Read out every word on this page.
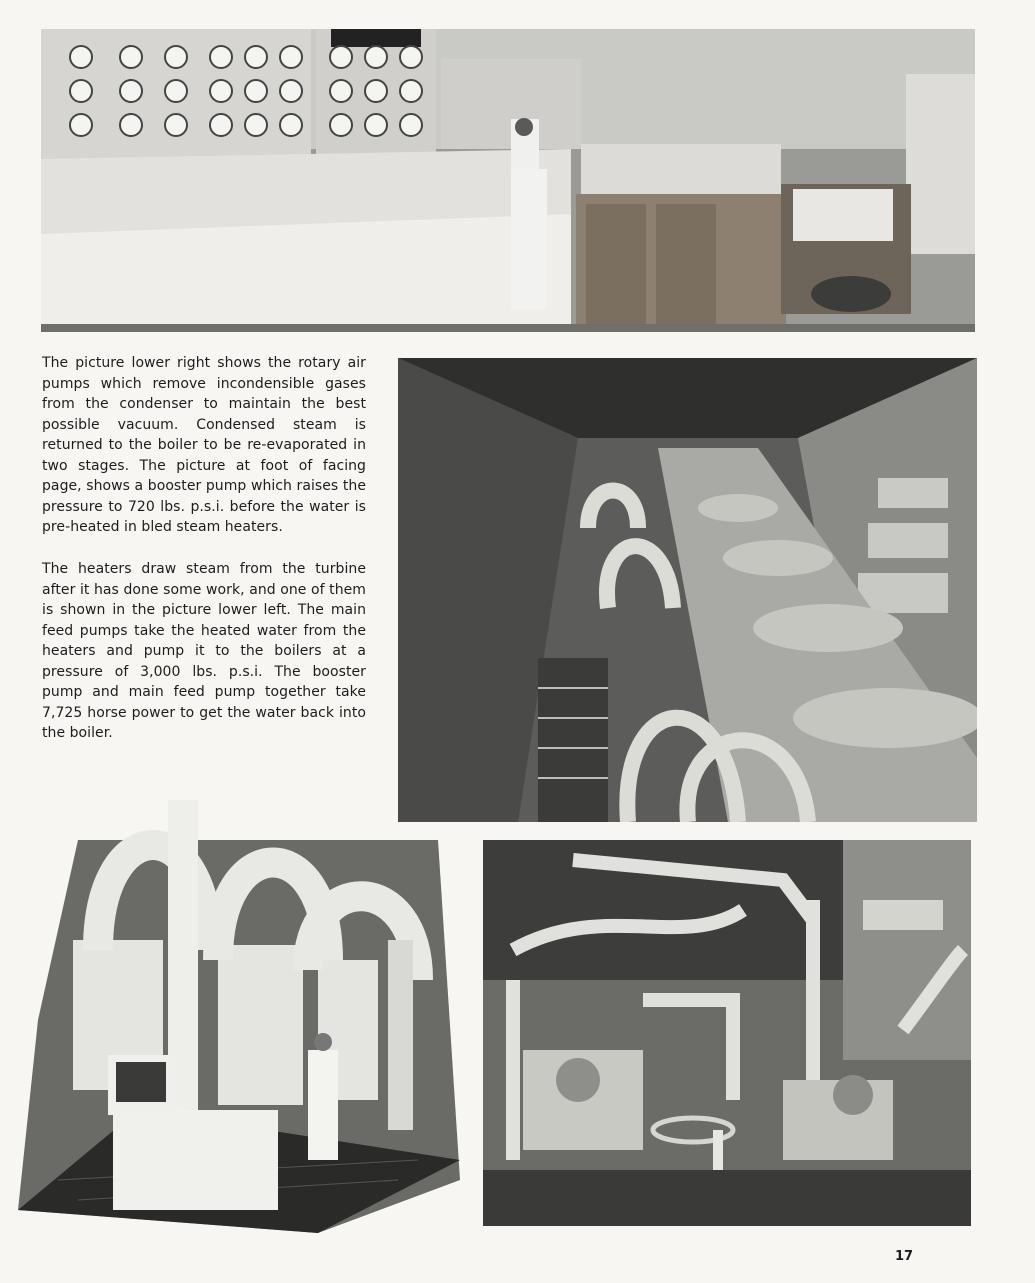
The picture lower right shows the rotary air pumps which remove incondensible gases from the condenser to maintain the best possible vacuum. Condensed steam is returned to the boiler to be re-evaporated in two stages. The picture at foot of facing page, shows a booster pump which raises the pressure to 720 lbs. p.s.i. before the water is pre-heated in bled steam heaters.
The heaters draw steam from the turbine after it has done some work, and one of them is shown in the picture lower left. The main feed pumps take the heated water from the heaters and pump it to the boilers at a pressure of 3,000 lbs. p.s.i. The booster pump and main feed pump together take 7,725 horse power to get the water back into the boiler.
17
